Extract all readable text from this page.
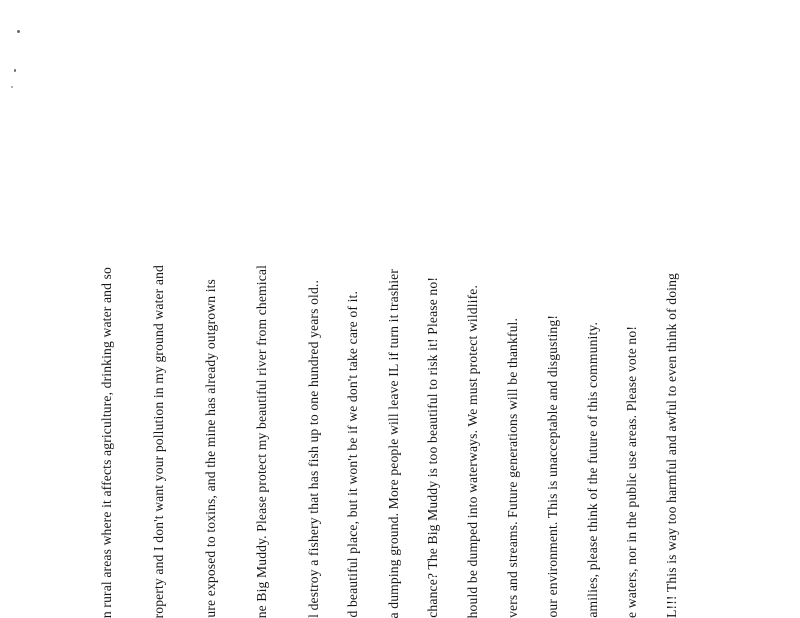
n rural areas where it affects agriculture, drinking water and so	roperty and I don't want your pollution in my ground water and	ure exposed to toxins, and the mine has already outgrown its	ne Big Muddy. Please protect my beautiful river from chemical	l destroy a fishery that has fish up to one hundred years old.. d beautiful place, but it won't be if we don't take care of it. a dumping ground. More people will leave IL if turn it trashier chance? The Big Muddy is too beautiful to risk it! Please no! hould be dumped into waterways. We must protect wildlife. vers and streams. Future generations will be thankful. our environment. This is unacceptable and disgusting! amilies, please think of the future of this community. e waters, nor in the public use areas. Please vote no! L!!! This is way too harmful and awful to even think of doing
